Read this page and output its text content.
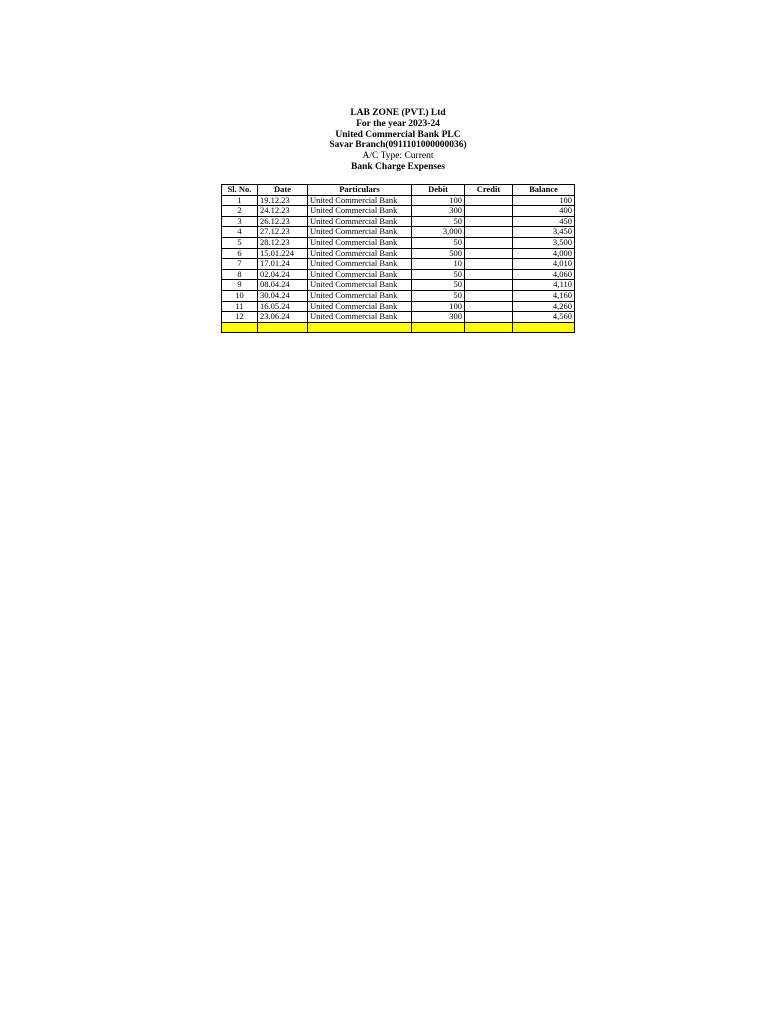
LAB ZONE (PVT.) Ltd
For the year 2023-24
United Commercial Bank PLC
Savar Branch(0911101000000036)
A/C Type: Current
Bank Charge Expenses
Sl. No.	Date	Particulars	Debit	Credit	Balance
1	19.12.23	United Commercial Bank	100		100
2	24.12.23	United Commercial Bank	300		400
3	26.12.23	United Commercial Bank	50		450
4	27.12.23	United Commercial Bank	3,000		3,450
5	28.12.23	United Commercial Bank	50		3,500
6	15.01.224	United Commercial Bank	500		4,000
7	17.01.24	United Commercial Bank	10		4,010
8	02.04.24	United Commercial Bank	50		4,060
9	08.04.24	United Commercial Bank	50		4,110
10	30.04.24	United Commercial Bank	50		4,160
11	16.05.24	United Commercial Bank	100		4,260
12	23.06.24	United Commercial Bank	300		4,560
